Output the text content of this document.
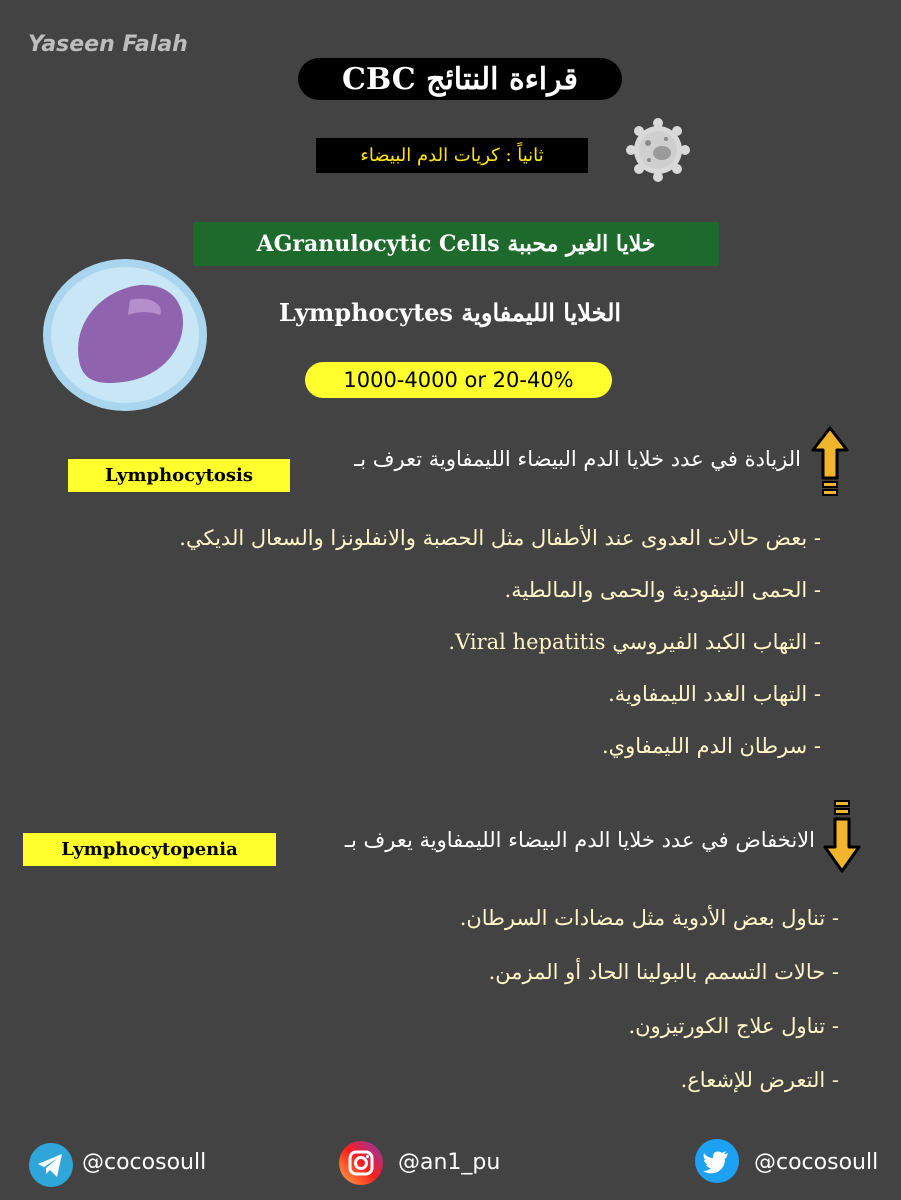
Yaseen Falah
قراءة النتائج CBC
ثانياً : كريات الدم البيضاء
خلايا الغير محببة AGranulocytic Cells
الخلايا الليمفاوية Lymphocytes
1000-4000 or 20-40%
الزيادة في عدد خلايا الدم البيضاء الليمفاوية تعرف بـ
Lymphocytosis
- بعض حالات العدوى عند الأطفال مثل الحصبة والانفلونزا والسعال الديكي.
- الحمى التيفودية والحمى والمالطية.
- التهاب الكبد الفيروسي Viral hepatitis.
- التهاب الغدد الليمفاوية.
- سرطان الدم الليمفاوي.
الانخفاض في عدد خلايا الدم البيضاء الليمفاوية يعرف بـ
Lymphocytopenia
- تناول بعض الأدوية مثل مضادات السرطان.
- حالات التسمم بالبولينا الحاد أو المزمن.
- تناول علاج الكورتيزون.
- التعرض للإشعاع.
@cocosoull	@an1_pu	@cocosoull
